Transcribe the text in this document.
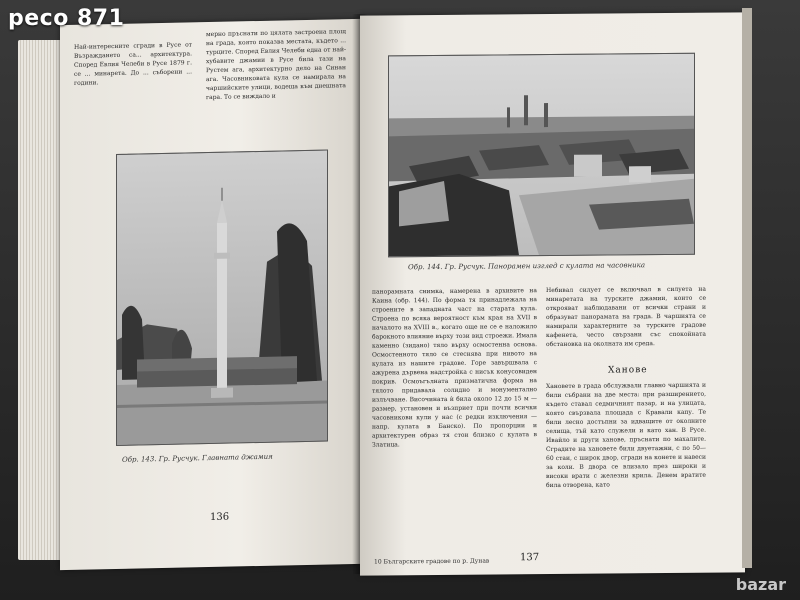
Най-интересните сгради в Русе от Възраждането са... архитектура. Според Евлия Челеби в Русе 1879 г. се ... минарета. До ... съборени ... години.
мерно пръснати по цялата застроена площ на града, която показва местата, където ... турците. Според Евлия Челеби една от най-хубавите джамии в Русе била тази на Рустем ага, архитектурно дело на Синан ага. Часовниковата кула се намирала на чаршийските улици, водеща към днешната гара. То се виждало и
Обр. 143. Гр. Русчук. Главната джамия
136
Обр. 144. Гр. Русчук. Панорамен изглед с кулата на часовника
панорамната снимка, намерена в архивите на Каина (обр. 144). По форма тя принадлежала на строените в западната част на старата кула. Строена по всяка вероятност към края на XVII в началото на XVIII в., когато още не се е наложило барокното влияние върху този вид строежи. Имала каменно (зидано) тяло върху осмостенна основа. Осмостенното тяло се стеснява при нивото на кулата из нашите градове. Горе завършвала с ажурена дървена надстройка с нисък конусовиден покрив. Осмоъгълната призматична форма на тялото придавала солидно и монументално излъчване. Височината ѝ била около 12 до 15 м — размер, установен и възприет при почти всички часовникови кули у нас (с редки изключения — напр. кулата в Банско). По пропорции и архитектурен образ тя стои близко с кулата в Златица.
Небивал силует се включвал в силуета на минаретата на турските джамии, които се открояват наблюдавани от всички страни и образуват панорамата на града. В чаршията се намирали характерните за турските градове кафенета, често свързани със спокойната обстановка на околната им среда.
Ханове
Хановете в града обслужвали главно чаршията и били събрани на две места: при разширението, където ставал седмичният пазар, и на улицата, която свързвала площада с Кравали капу. Те били лесно достъпни за идващите от околните селища, тъй като служели и като хан. В Русе. Ивайло и други ханове, пръснати по махалите. Сградите на хановете били двуетажни, с по 50—60 стаи, с широк двор, сгради на конете и навеси за коли. В двора се влизало през широки и високи врати с железни крила. Денем вратите била отворена, като
10 Българските градове по р. Дунав	137
peco 871
bazar
